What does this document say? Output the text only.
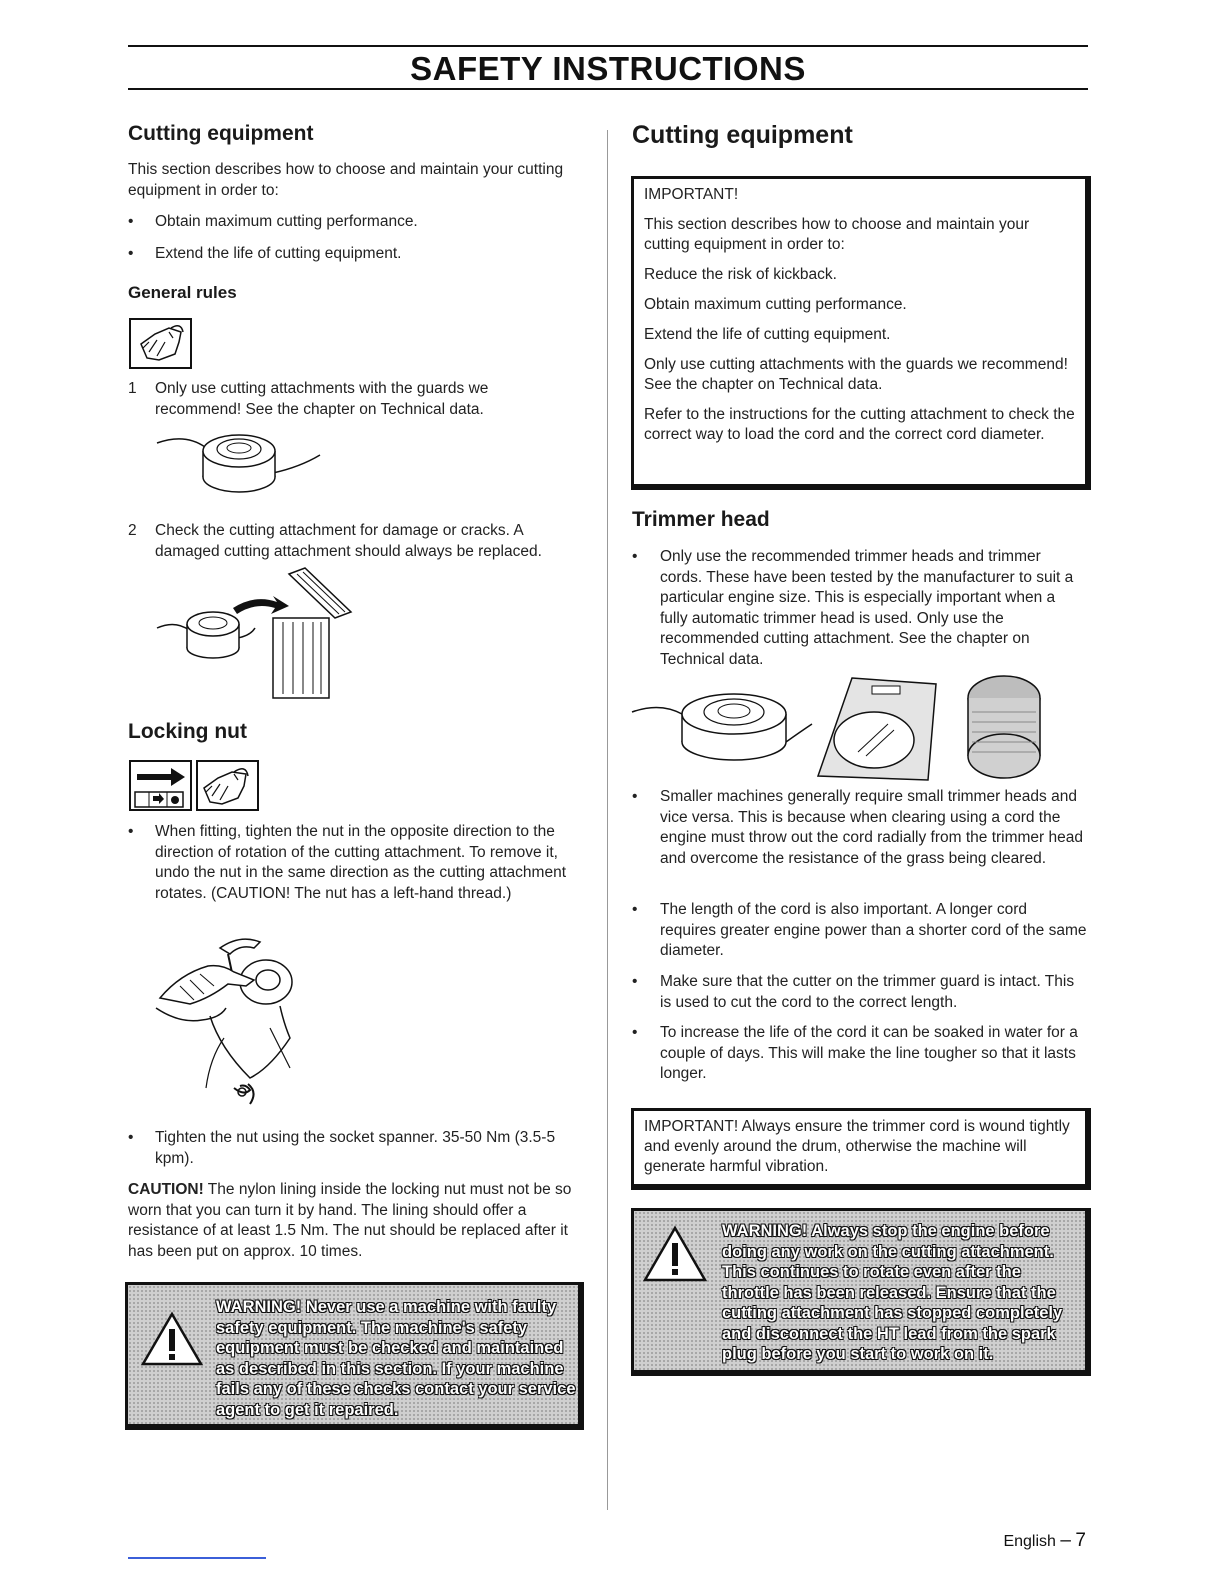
SAFETY INSTRUCTIONS
Cutting equipment
This section describes how to choose and maintain your cutting equipment in order to:
•	Obtain maximum cutting performance.
•	Extend the life of cutting equipment.
General rules
1	Only use cutting attachments with the guards we recommend! See the chapter on Technical data.
2	Check the cutting attachment for damage or cracks. A damaged cutting attachment should always be replaced.
Locking nut
•	When fitting, tighten the nut in the opposite direction to the direction of rotation of the cutting attachment. To remove it, undo the nut in the same direction as the cutting attachment rotates. (CAUTION! The nut has a left-hand thread.)
•	Tighten the nut using the socket spanner. 35-50 Nm (3.5-5 kpm).
CAUTION! The nylon lining inside the locking nut must not be so worn that you can turn it by hand. The lining should offer a resistance of at least 1.5 Nm. The nut should be replaced after it has been put on approx. 10 times.
WARNING! Never use a machine with faulty safety equipment. The machine's safety equipment must be checked and maintained as described in this section. If your machine fails any of these checks contact your service agent to get it repaired.
Cutting equipment

IMPORTANT!

This section describes how to choose and maintain your cutting equipment in order to:

Reduce the risk of kickback.

Obtain maximum cutting performance.

Extend the life of cutting equipment.

Only use cutting attachments with the guards we recommend! See the chapter on Technical data.

Refer to the instructions for the cutting attachment to check the correct way to load the cord and the correct cord diameter.

Trimmer head
•	Only use the recommended trimmer heads and trimmer cords. These have been tested by the manufacturer to suit a particular engine size. This is especially important when a fully automatic trimmer head is used. Only use the recommended cutting attachment. See the chapter on Technical data.
•	Smaller machines generally require small trimmer heads and vice versa. This is because when clearing using a cord the engine must throw out the cord radially from the trimmer head and overcome the resistance of the grass being cleared.
•	The length of the cord is also important. A longer cord requires greater engine power than a shorter cord of the same diameter.
•	Make sure that the cutter on the trimmer guard is intact. This is used to cut the cord to the correct length.
•	To increase the life of the cord it can be soaked in water for a couple of days. This will make the line tougher so that it lasts longer.

IMPORTANT! Always ensure the trimmer cord is wound tightly and evenly around the drum, otherwise the machine will generate harmful vibration.

WARNING! Always stop the engine before doing any work on the cutting attachment. This continues to rotate even after the throttle has been released. Ensure that the cutting attachment has stopped completely and disconnect the HT lead from the spark plug before you start to work on it.
English – 7
